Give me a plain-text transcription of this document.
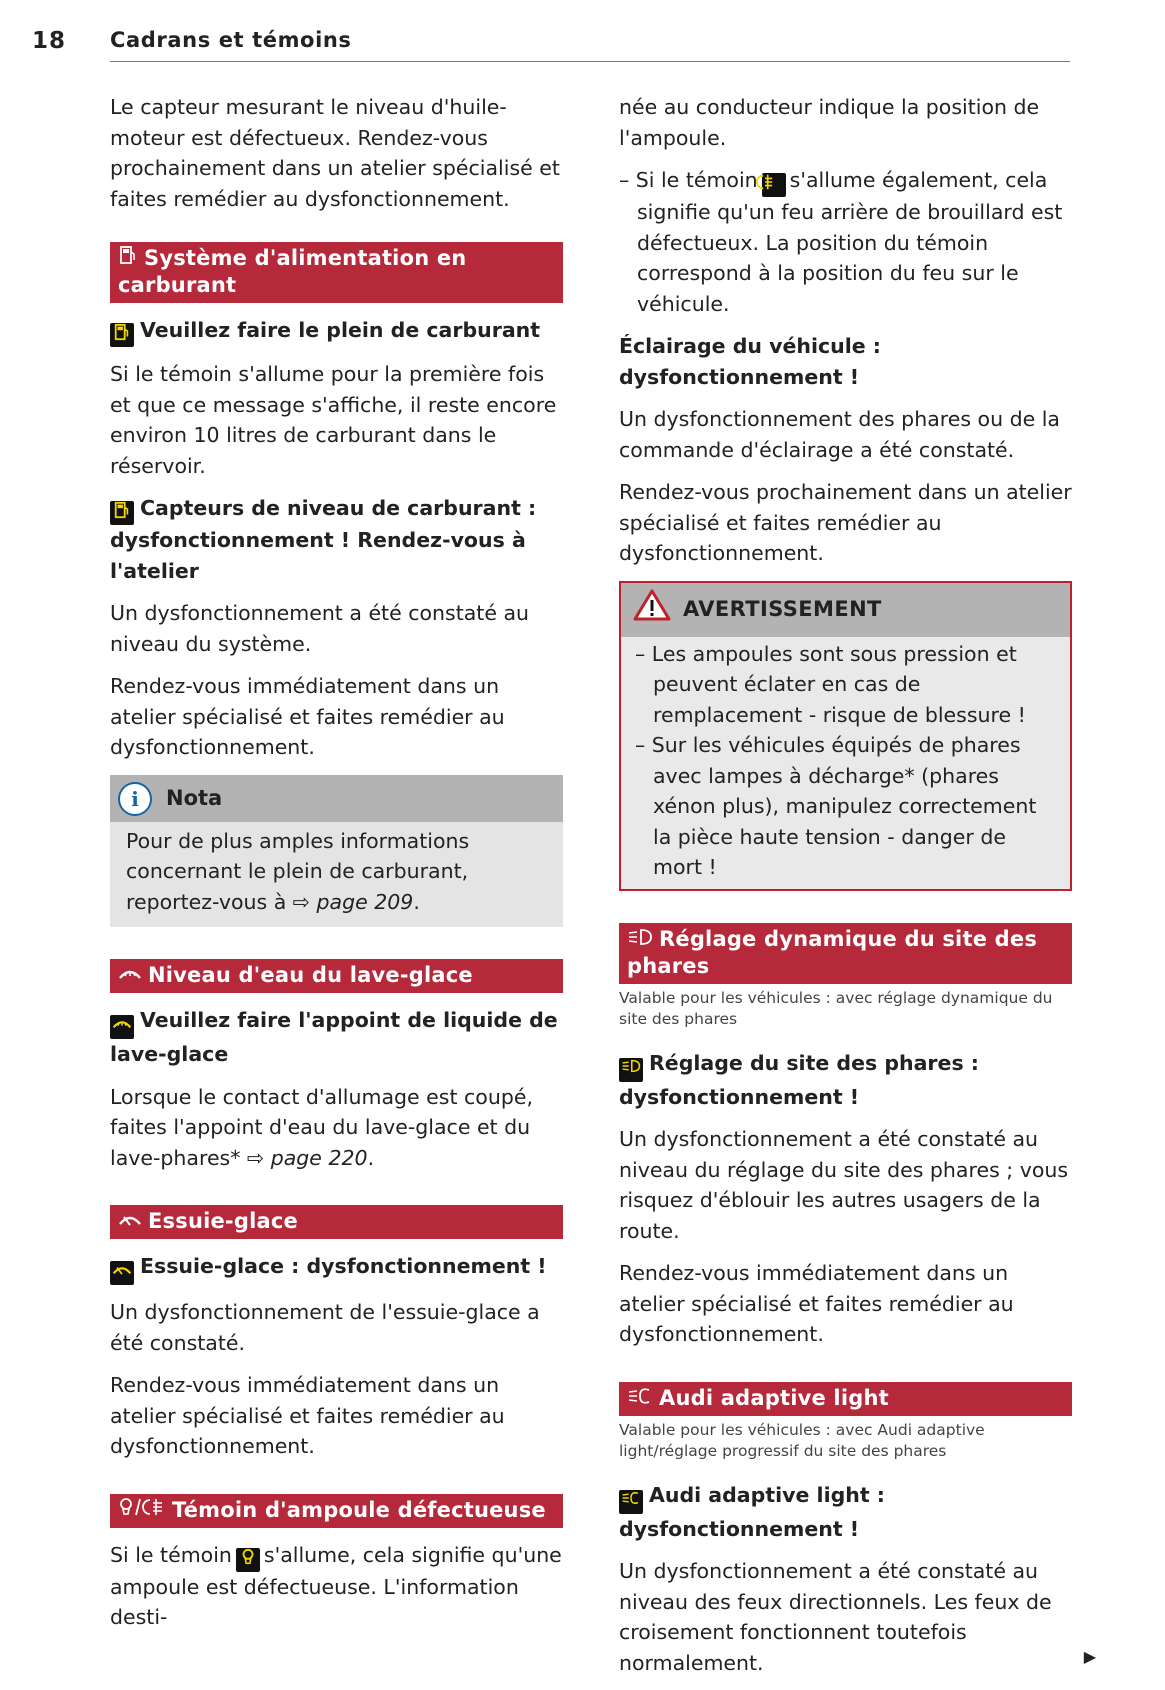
18 Cadrans et témoins

Le capteur mesurant le niveau d'huile-moteur est défectueux. Rendez-vous prochainement dans un atelier spécialisé et faites remédier au dysfonctionnement.

Système d'alimentation en carburant
Veuillez faire le plein de carburant

Si le témoin s'allume pour la première fois et que ce message s'affiche, il reste encore environ 10 litres de carburant dans le réservoir.

Capteurs de niveau de carburant : dysfonctionnement ! Rendez-vous à l'atelier

Un dysfonctionnement a été constaté au niveau du système.

Rendez-vous immédiatement dans un atelier spécialisé et faites remédier au dysfonctionnement.

i Nota
Pour de plus amples informations concernant le plein de carburant, reportez-vous à ⇨ page 209.
Niveau d'eau du lave-glace
Veuillez faire l'appoint de liquide de lave-glace

Lorsque le contact d'allumage est coupé, faites l'appoint d'eau du lave-glace et du lave-phares* ⇨ page 220.

Essuie-glace
Essuie-glace : dysfonctionnement !

Un dysfonctionnement de l'essuie-glace a été constaté.

Rendez-vous immédiatement dans un atelier spécialisé et faites remédier au dysfonctionnement.

Témoin d'ampoule défectueuse

Si le témoin s'allume, cela signifie qu'une ampoule est défectueuse. L'information desti-

née au conducteur indique la position de l'ampoule.

– Si le témoin s'allume également, cela signifie qu'un feu arrière de brouillard est défectueux. La position du témoin correspond à la position du feu sur le véhicule.

Éclairage du véhicule : dysfonctionnement !

Un dysfonctionnement des phares ou de la commande d'éclairage a été constaté.

Rendez-vous prochainement dans un atelier spécialisé et faites remédier au dysfonctionnement.

AVERTISSEMENT

– Les ampoules sont sous pression et peuvent éclater en cas de remplacement - risque de blessure !

– Sur les véhicules équipés de phares avec lampes à décharge* (phares xénon plus), manipulez correctement la pièce haute tension - danger de mort !

Réglage dynamique du site des phares
Valable pour les véhicules : avec réglage dynamique du site des phares
Réglage du site des phares : dysfonctionnement !

Un dysfonctionnement a été constaté au niveau du réglage du site des phares ; vous risquez d'éblouir les autres usagers de la route.

Rendez-vous immédiatement dans un atelier spécialisé et faites remédier au dysfonctionnement.

Audi adaptive light
Valable pour les véhicules : avec Audi adaptive light/réglage progressif du site des phares
Audi adaptive light : dysfonctionnement !

Un dysfonctionnement a été constaté au niveau des feux directionnels. Les feux de croisement fonctionnent toutefois normalement.	▶
